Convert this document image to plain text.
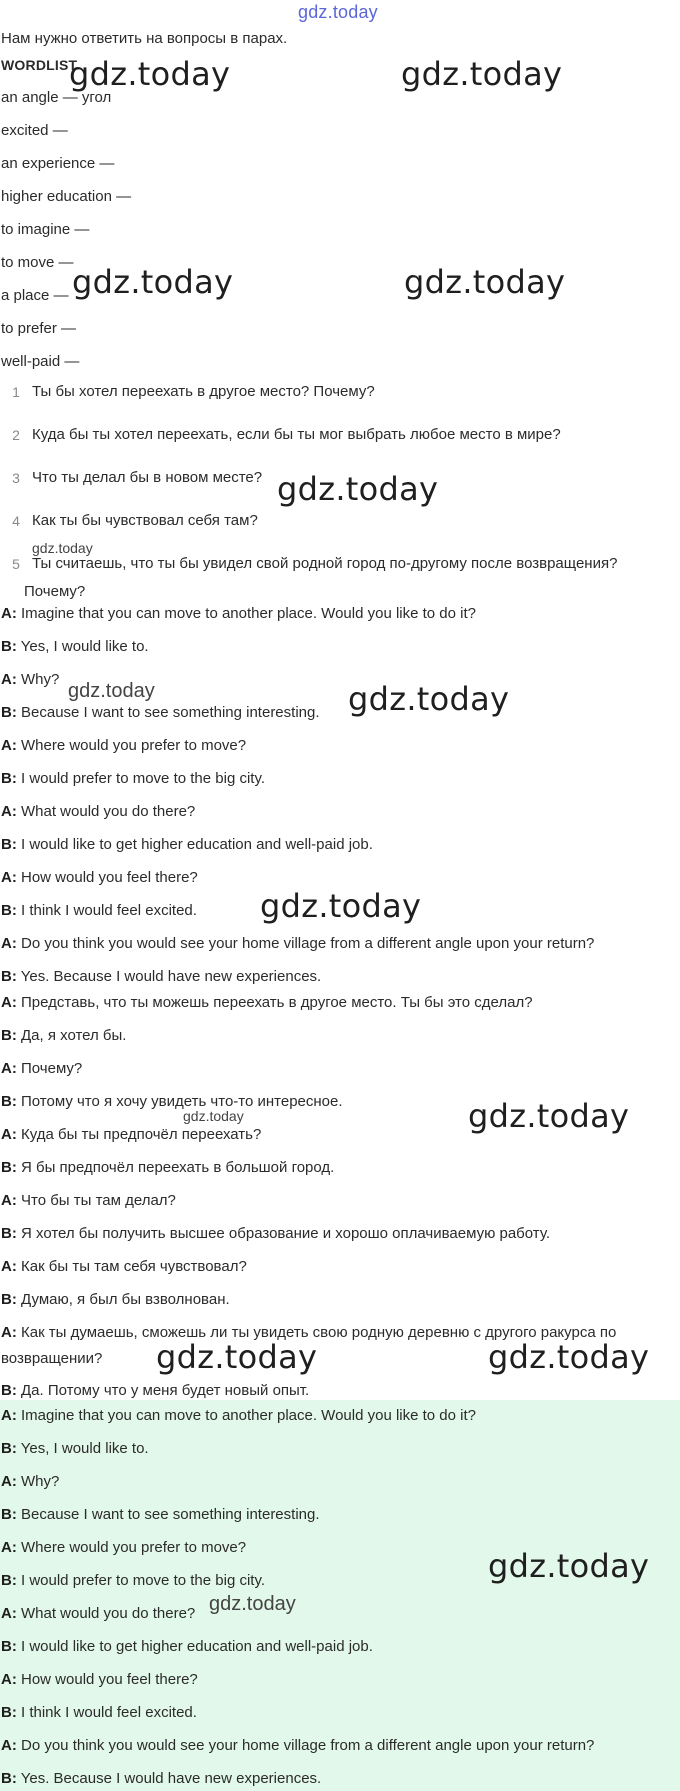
gdz.today
Нам нужно ответить на вопросы в парах.
WORDLIST
an angle — угол
excited —
an experience —
higher education —
to imagine —
to move —
a place —
to prefer —
well-paid —
1 Ты бы хотел переехать в другое место? Почему?
2 Куда бы ты хотел переехать, если бы ты мог выбрать любое место в мире?
3 Что ты делал бы в новом месте?
4 Как ты бы чувствовал себя там?
5 Ты считаешь, что ты бы увидел свой родной город по-другому после возвращения?
Почему?
A: Imagine that you can move to another place. Would you like to do it?
B: Yes, I would like to.
A: Why?
B: Because I want to see something interesting.
A: Where would you prefer to move?
B: I would prefer to move to the big city.
A: What would you do there?
B: I would like to get higher education and well-paid job.
A: How would you feel there?
B: I think I would feel excited.
A: Do you think you would see your home village from a different angle upon your return?
B: Yes. Because I would have new experiences.
A: Представь, что ты можешь переехать в другое место. Ты бы это сделал?
B: Да, я хотел бы.
A: Почему?
B: Потому что я хочу увидеть что-то интересное.
A: Куда бы ты предпочёл переехать?
B: Я бы предпочёл переехать в большой город.
A: Что бы ты там делал?
B: Я хотел бы получить высшее образование и хорошо оплачиваемую работу.
A: Как бы ты там себя чувствовал?
B: Думаю, я был бы взволнован.
A: Как ты думаешь, сможешь ли ты увидеть свою родную деревню с другого ракурса по
возвращении?
B: Да. Потому что у меня будет новый опыт.
A: Imagine that you can move to another place. Would you like to do it?
B: Yes, I would like to.
A: Why?
B: Because I want to see something interesting.
A: Where would you prefer to move?
B: I would prefer to move to the big city.
A: What would you do there?
B: I would like to get higher education and well-paid job.
A: How would you feel there?
B: I think I would feel excited.
A: Do you think you would see your home village from a different angle upon your return?
B: Yes. Because I would have new experiences.
gdz.today	gdz.today
gdz.today	gdz.today
gdz.today
gdz.today
gdz.today	gdz.today
gdz.today
gdz.today	gdz.today
gdz.today	gdz.today
gdz.today
gdz.today
